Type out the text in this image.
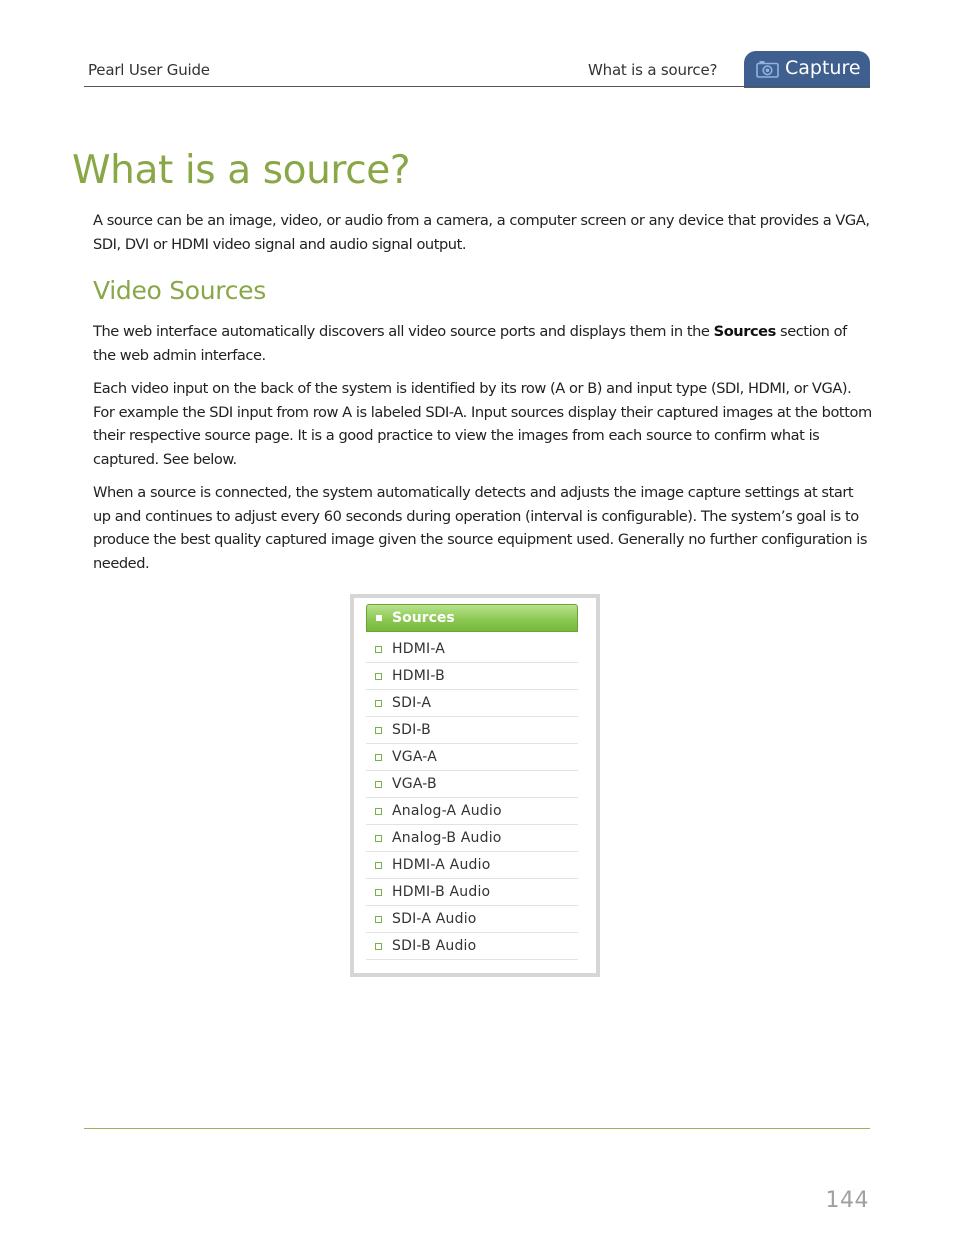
Pearl User Guide	What is a source?	Capture
What is a source?

A source can be an image, video, or audio from a camera, a computer screen or any device that provides a VGA, SDI, DVI or HDMI video signal and audio signal output.

Video Sources

The web interface automatically discovers all video source ports and displays them in the Sources section of the web admin interface.

Each video input on the back of the system is identified by its row (A or B) and input type (SDI, HDMI, or VGA). For example the SDI input from row A is labeled SDI-A. Input sources display their captured images at the bottom their respective source page. It is a good practice to view the images from each source to confirm what is captured. See below.

When a source is connected, the system automatically detects and adjusts the image capture settings at start up and continues to adjust every 60 seconds during operation (interval is configurable). The system’s goal is to produce the best quality captured image given the source equipment used. Generally no further configuration is needed.

Sources
HDMI-A
HDMI-B
SDI-A
SDI-B
VGA-A
VGA-B
Analog-A Audio
Analog-B Audio
HDMI-A Audio
HDMI-B Audio
SDI-A Audio
SDI-B Audio
144
